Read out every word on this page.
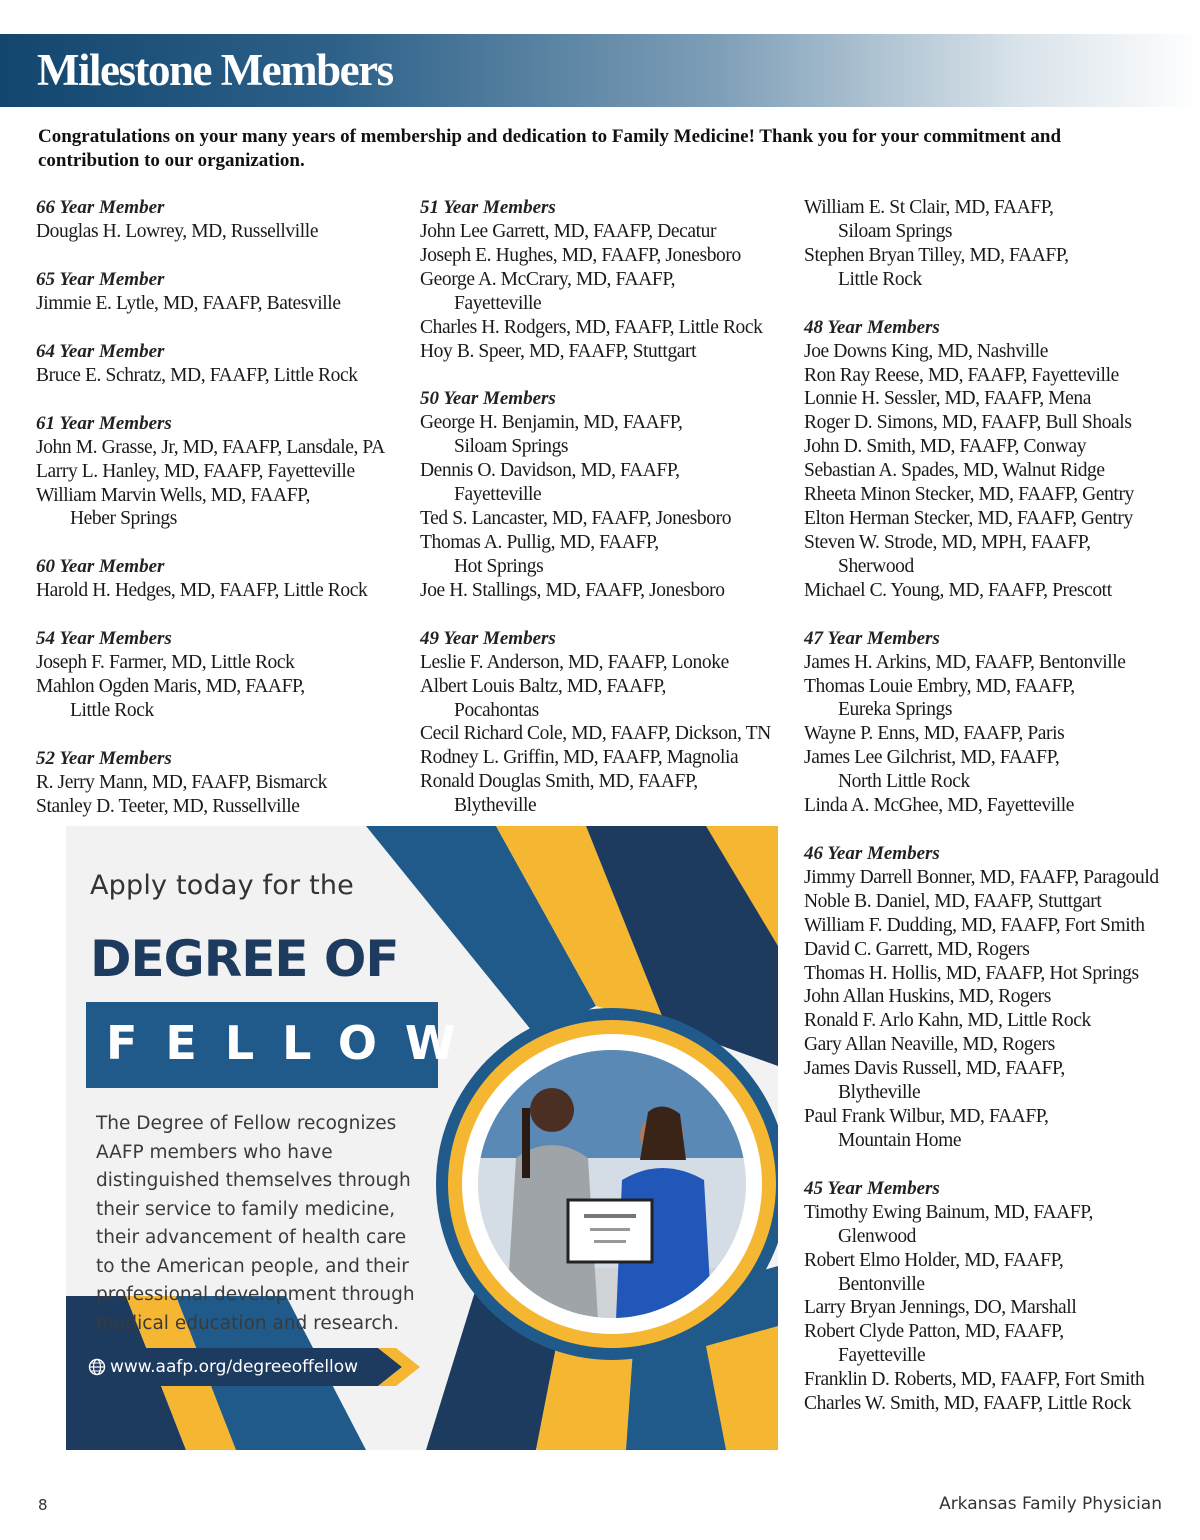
Milestone Members

Congratulations on your many years of membership and dedication to Family Medicine! Thank you for your commitment and contribution to our organization.

66 Year Member
Douglas H. Lowrey, MD, Russellville
65 Year Member
Jimmie E. Lytle, MD, FAAFP, Batesville
64 Year Member
Bruce E. Schratz, MD, FAAFP, Little Rock
61 Year Members
John M. Grasse, Jr, MD, FAAFP, Lansdale, PA
Larry L. Hanley, MD, FAAFP, Fayetteville
William Marvin Wells, MD, FAAFP,
Heber Springs
60 Year Member
Harold H. Hedges, MD, FAAFP, Little Rock
54 Year Members
Joseph F. Farmer, MD, Little Rock
Mahlon Ogden Maris, MD, FAAFP,
Little Rock
52 Year Members
R. Jerry Mann, MD, FAAFP, Bismarck
Stanley D. Teeter, MD, Russellville
51 Year Members
John Lee Garrett, MD, FAAFP, Decatur
Joseph E. Hughes, MD, FAAFP, Jonesboro
George A. McCrary, MD, FAAFP,
Fayetteville
Charles H. Rodgers, MD, FAAFP, Little Rock
Hoy B. Speer, MD, FAAFP, Stuttgart
50 Year Members
George H. Benjamin, MD, FAAFP,
Siloam Springs
Dennis O. Davidson, MD, FAAFP,
Fayetteville
Ted S. Lancaster, MD, FAAFP, Jonesboro
Thomas A. Pullig, MD, FAAFP,
Hot Springs
Joe H. Stallings, MD, FAAFP, Jonesboro
49 Year Members
Leslie F. Anderson, MD, FAAFP, Lonoke
Albert Louis Baltz, MD, FAAFP,
Pocahontas
Cecil Richard Cole, MD, FAAFP, Dickson, TN
Rodney L. Griffin, MD, FAAFP, Magnolia
Ronald Douglas Smith, MD, FAAFP,
Blytheville
William E. St Clair, MD, FAAFP,
Siloam Springs
Stephen Bryan Tilley, MD, FAAFP,
Little Rock
48 Year Members
Joe Downs King, MD, Nashville
Ron Ray Reese, MD, FAAFP, Fayetteville
Lonnie H. Sessler, MD, FAAFP, Mena
Roger D. Simons, MD, FAAFP, Bull Shoals
John D. Smith, MD, FAAFP, Conway
Sebastian A. Spades, MD, Walnut Ridge
Rheeta Minon Stecker, MD, FAAFP, Gentry
Elton Herman Stecker, MD, FAAFP, Gentry
Steven W. Strode, MD, MPH, FAAFP,
Sherwood
Michael C. Young, MD, FAAFP, Prescott
47 Year Members
James H. Arkins, MD, FAAFP, Bentonville
Thomas Louie Embry, MD, FAAFP,
Eureka Springs
Wayne P. Enns, MD, FAAFP, Paris
James Lee Gilchrist, MD, FAAFP,
North Little Rock
Linda A. McGhee, MD, Fayetteville
46 Year Members
Jimmy Darrell Bonner, MD, FAAFP, Paragould
Noble B. Daniel, MD, FAAFP, Stuttgart
William F. Dudding, MD, FAAFP, Fort Smith
David C. Garrett, MD, Rogers
Thomas H. Hollis, MD, FAAFP, Hot Springs
John Allan Huskins, MD, Rogers
Ronald F. Arlo Kahn, MD, Little Rock
Gary Allan Neaville, MD, Rogers
James Davis Russell, MD, FAAFP,
Blytheville
Paul Frank Wilbur, MD, FAAFP,
Mountain Home
45 Year Members
Timothy Ewing Bainum, MD, FAAFP,
Glenwood
Robert Elmo Holder, MD, FAAFP,
Bentonville
Larry Bryan Jennings, DO, Marshall
Robert Clyde Patton, MD, FAAFP,
Fayetteville
Franklin D. Roberts, MD, FAAFP, Fort Smith
Charles W. Smith, MD, FAAFP, Little Rock
Apply today for the
DEGREE OF
FELLOW

The Degree of Fellow recognizes AAFP members who have distinguished themselves through their service to family medicine, their advancement of health care to the American people, and their professional development through medical education and research.

www.aafp.org/degreeoffellow
8	Arkansas Family Physician
